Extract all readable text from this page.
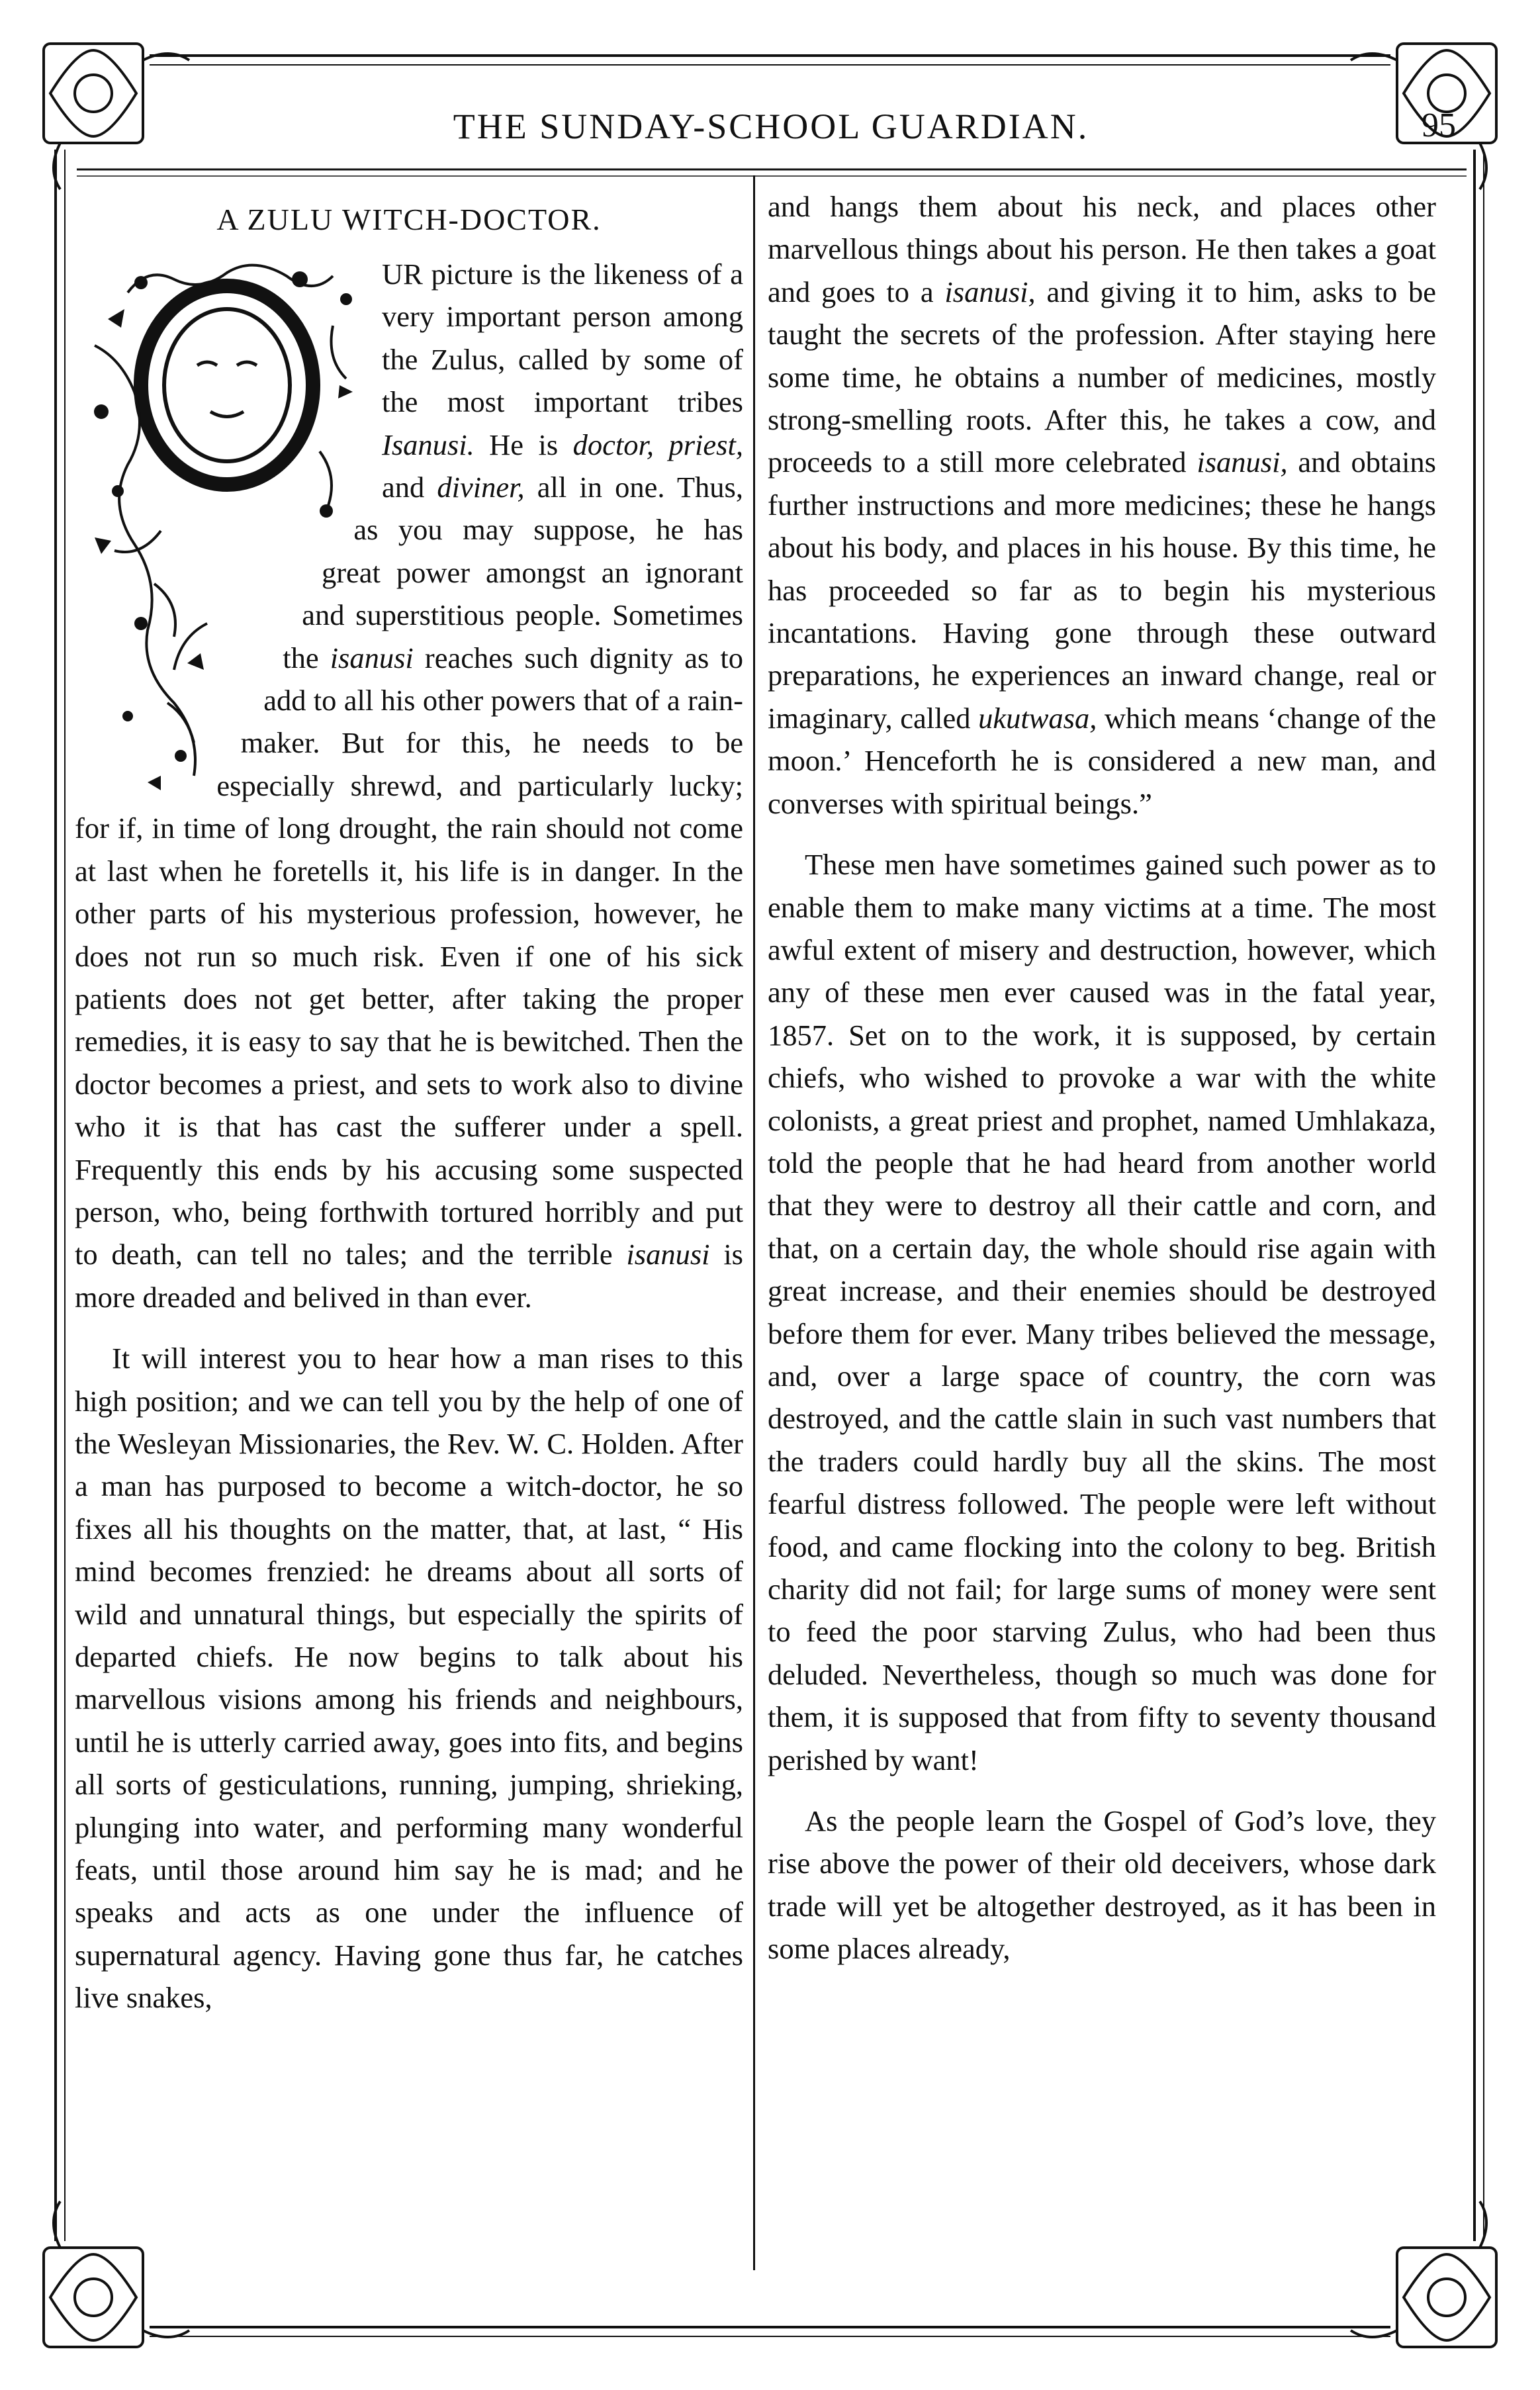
THE SUNDAY-SCHOOL GUARDIAN.	95
A ZULU WITCH-DOCTOR.

UR picture is the likeness of a very important person among the Zulus, called by some of the most important tribes Isanusi. He is doctor, priest, and diviner, all in one. Thus, as you may suppose, he has great power amongst an ignorant and superstitious people. Sometimes the isanusi reaches such dignity as to add to all his other powers that of a rain-maker. But for this, he needs to be especially shrewd, and particularly lucky; for if, in time of long drought, the rain should not come at last when he foretells it, his life is in danger. In the other parts of his mysterious profession, however, he does not run so much risk. Even if one of his sick patients does not get better, after taking the proper remedies, it is easy to say that he is bewitched. Then the doctor becomes a priest, and sets to work also to divine who it is that has cast the sufferer under a spell. Frequently this ends by his accusing some suspected person, who, being forthwith tortured horribly and put to death, can tell no tales; and the terrible isanusi is more dreaded and belived in than ever.

It will interest you to hear how a man rises to this high position; and we can tell you by the help of one of the Wesleyan Missionaries, the Rev. W. C. Holden. After a man has purposed to become a witch-doctor, he so fixes all his thoughts on the matter, that, at last, “ His mind becomes frenzied: he dreams about all sorts of wild and unnatural things, but especially the spirits of departed chiefs. He now begins to talk about his marvellous visions among his friends and neighbours, until he is utterly carried away, goes into fits, and begins all sorts of gesticulations, running, jumping, shrieking, plunging into water, and performing many wonderful feats, until those around him say he is mad; and he speaks and acts as one under the influence of supernatural agency. Having gone thus far, he catches live snakes,

and hangs them about his neck, and places other marvellous things about his person. He then takes a goat and goes to a isanusi, and giving it to him, asks to be taught the secrets of the profession. After staying here some time, he obtains a number of medicines, mostly strong-smelling roots. After this, he takes a cow, and proceeds to a still more celebrated isanusi, and obtains further instructions and more medicines; these he hangs about his body, and places in his house. By this time, he has proceeded so far as to begin his mysterious incantations. Having gone through these outward preparations, he experiences an inward change, real or imaginary, called ukutwasa, which means ‘change of the moon.’ Henceforth he is considered a new man, and converses with spiritual beings.”

These men have sometimes gained such power as to enable them to make many victims at a time. The most awful extent of misery and destruction, however, which any of these men ever caused was in the fatal year, 1857. Set on to the work, it is supposed, by certain chiefs, who wished to provoke a war with the white colonists, a great priest and prophet, named Umhlakaza, told the people that he had heard from another world that they were to destroy all their cattle and corn, and that, on a certain day, the whole should rise again with great increase, and their enemies should be destroyed before them for ever. Many tribes believed the message, and, over a large space of country, the corn was destroyed, and the cattle slain in such vast numbers that the traders could hardly buy all the skins. The most fearful distress followed. The people were left without food, and came flocking into the colony to beg. British charity did not fail; for large sums of money were sent to feed the poor starving Zulus, who had been thus deluded. Nevertheless, though so much was done for them, it is supposed that from fifty to seventy thousand perished by want!

As the people learn the Gospel of God’s love, they rise above the power of their old deceivers, whose dark trade will yet be altogether destroyed, as it has been in some places already,
